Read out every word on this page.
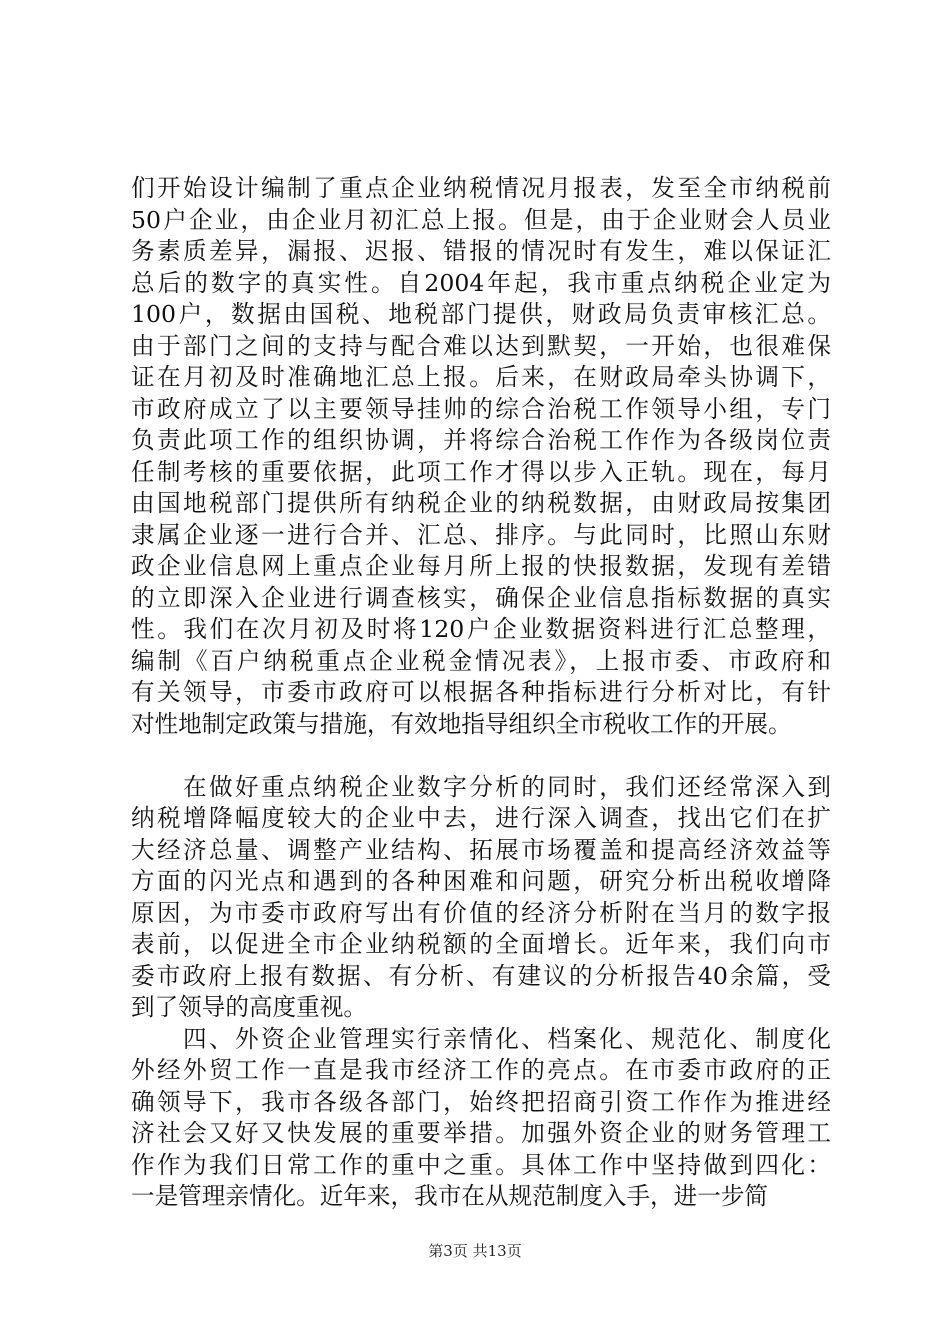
们开始设计编制了重点企业纳税情况月报表，发至全市纳税前
50户企业，由企业月初汇总上报。但是，由于企业财会人员业
务素质差异，漏报、迟报、错报的情况时有发生，难以保证汇
总后的数字的真实性。自2004年起，我市重点纳税企业定为
100户，数据由国税、地税部门提供，财政局负责审核汇总。
由于部门之间的支持与配合难以达到默契，一开始，也很难保
证在月初及时准确地汇总上报。后来，在财政局牵头协调下，
市政府成立了以主要领导挂帅的综合治税工作领导小组，专门
负责此项工作的组织协调，并将综合治税工作作为各级岗位责
任制考核的重要依据，此项工作才得以步入正轨。现在，每月
由国地税部门提供所有纳税企业的纳税数据，由财政局按集团
隶属企业逐一进行合并、汇总、排序。与此同时，比照山东财
政企业信息网上重点企业每月所上报的快报数据，发现有差错
的立即深入企业进行调查核实，确保企业信息指标数据的真实
性。我们在次月初及时将120户企业数据资料进行汇总整理，
编制《百户纳税重点企业税金情况表》，上报市委、市政府和
有关领导，市委市政府可以根据各种指标进行分析对比，有针
对性地制定政策与措施，有效地指导组织全市税收工作的开展。
　　在做好重点纳税企业数字分析的同时，我们还经常深入到
纳税增降幅度较大的企业中去，进行深入调查，找出它们在扩
大经济总量、调整产业结构、拓展市场覆盖和提高经济效益等
方面的闪光点和遇到的各种困难和问题，研究分析出税收增降
原因，为市委市政府写出有价值的经济分析附在当月的数字报
表前，以促进全市企业纳税额的全面增长。近年来，我们向市
委市政府上报有数据、有分析、有建议的分析报告40余篇，受
到了领导的高度重视。
　　四、外资企业管理实行亲情化、档案化、规范化、制度化
外经外贸工作一直是我市经济工作的亮点。在市委市政府的正
确领导下，我市各级各部门，始终把招商引资工作作为推进经
济社会又好又快发展的重要举措。加强外资企业的财务管理工
作作为我们日常工作的重中之重。具体工作中坚持做到四化：
一是管理亲情化。近年来，我市在从规范制度入手，进一步简
第3页 共13页
